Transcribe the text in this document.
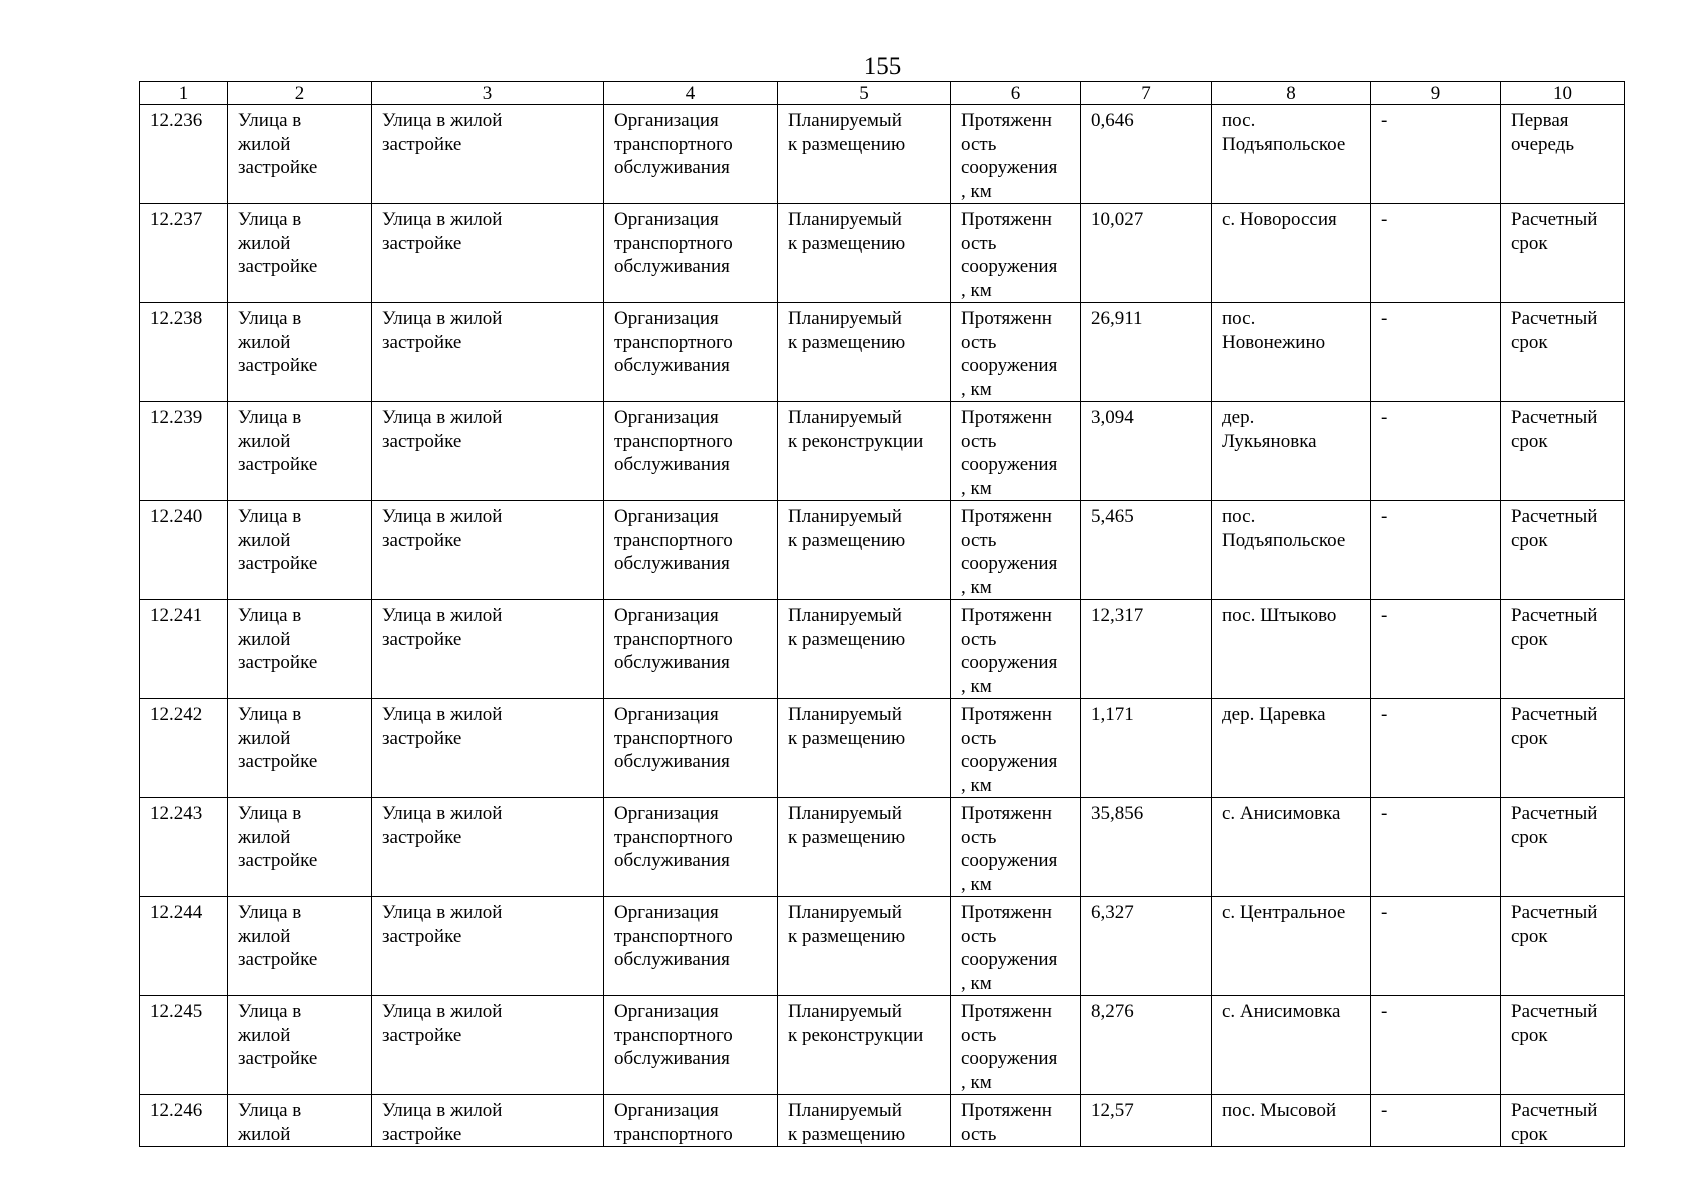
155
1	2	3	4	5	6	7	8	9	10

12.236	Улица в
жилой
застройке	Улица в жилой
застройке	Организация
транспортного
обслуживания	Планируемый
к размещению	Протяженн
ость
сооружения
, км	0,646	пос.
Подъяпольское	-	Первая
очередь

12.237	Улица в
жилой
застройке	Улица в жилой
застройке	Организация
транспортного
обслуживания	Планируемый
к размещению	Протяженн
ость
сооружения
, км	10,027	с. Новороссия	-	Расчетный
срок

12.238	Улица в
жилой
застройке	Улица в жилой
застройке	Организация
транспортного
обслуживания	Планируемый
к размещению	Протяженн
ость
сооружения
, км	26,911	пос.
Новонежино	-	Расчетный
срок

12.239	Улица в
жилой
застройке	Улица в жилой
застройке	Организация
транспортного
обслуживания	Планируемый
к реконструкции	Протяженн
ость
сооружения
, км	3,094	дер.
Лукьяновка	-	Расчетный
срок

12.240	Улица в
жилой
застройке	Улица в жилой
застройке	Организация
транспортного
обслуживания	Планируемый
к размещению	Протяженн
ость
сооружения
, км	5,465	пос.
Подъяпольское	-	Расчетный
срок

12.241	Улица в
жилой
застройке	Улица в жилой
застройке	Организация
транспортного
обслуживания	Планируемый
к размещению	Протяженн
ость
сооружения
, км	12,317	пос. Штыково	-	Расчетный
срок

12.242	Улица в
жилой
застройке	Улица в жилой
застройке	Организация
транспортного
обслуживания	Планируемый
к размещению	Протяженн
ость
сооружения
, км	1,171	дер. Царевка	-	Расчетный
срок

12.243	Улица в
жилой
застройке	Улица в жилой
застройке	Организация
транспортного
обслуживания	Планируемый
к размещению	Протяженн
ость
сооружения
, км	35,856	с. Анисимовка	-	Расчетный
срок

12.244	Улица в
жилой
застройке	Улица в жилой
застройке	Организация
транспортного
обслуживания	Планируемый
к размещению	Протяженн
ость
сооружения
, км	6,327	с. Центральное	-	Расчетный
срок

12.245	Улица в
жилой
застройке	Улица в жилой
застройке	Организация
транспортного
обслуживания	Планируемый
к реконструкции	Протяженн
ость
сооружения
, км	8,276	с. Анисимовка	-	Расчетный
срок

12.246	Улица в
жилой	Улица в жилой
застройке	Организация
транспортного	Планируемый
к размещению	Протяженн
ость	12,57	пос. Мысовой	-	Расчетный
срок
